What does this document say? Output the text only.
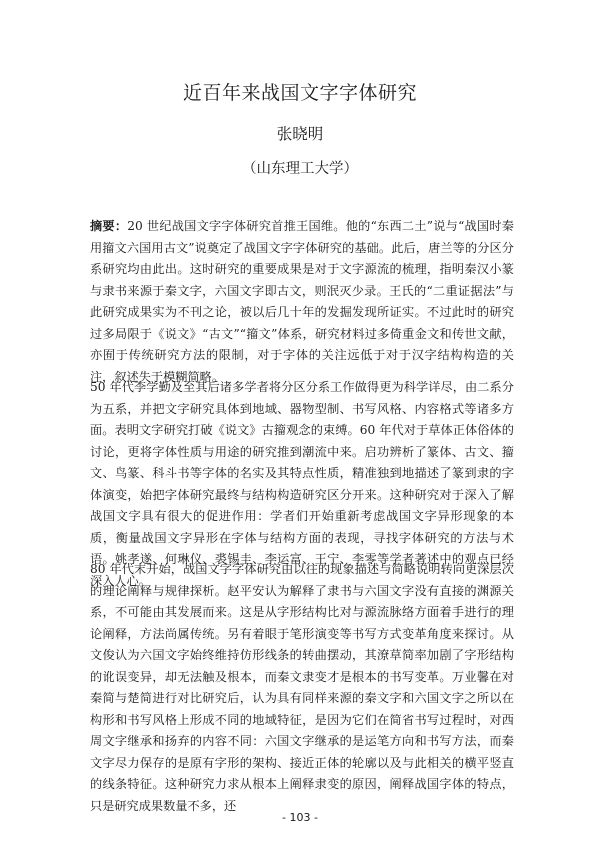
近百年来战国文字字体研究
张晓明
（山东理工大学）

摘要：20 世纪战国文字字体研究首推王国维。他的“东西二土”说与“战国时秦用籀文六国用古文”说奠定了战国文字字体研究的基础。此后，唐兰等的分区分系研究均由此出。这时研究的重要成果是对于文字源流的梳理，指明秦汉小篆与隶书来源于秦文字，六国文字即古文，则泯灭少录。王氏的“二重证据法”与此研究成果实为不刊之论，被以后几十年的发掘发现所证实。不过此时的研究过多局限于《说文》“古文”“籀文”体系，研究材料过多倚重金文和传世文献，亦囿于传统研究方法的限制，对于字体的关注远低于对于汉字结构构造的关注，叙述失于模糊简略。

50 年代李学勤及至其后诸多学者将分区分系工作做得更为科学详尽，由二系分为五系，并把文字研究具体到地域、器物型制、书写风格、内容格式等诸多方面。表明文字研究打破《说文》古籀观念的束缚。60 年代对于草体正体俗体的讨论，更将字体性质与用途的研究推到潮流中来。启功辨析了篆体、古文、籀文、鸟篆、科斗书等字体的名实及其特点性质，精准独到地描述了篆到隶的字体演变，始把字体研究最终与结构构造研究区分开来。这种研究对于深入了解战国文字具有很大的促进作用：学者们开始重新考虑战国文字异形现象的本质，衡量战国文字异形在字体与结构方面的表现，寻找字体研究的方法与术语。姚孝遂、何琳仪、裘锡圭、李运富、王宁、李零等学者著述中的观点已经深入人心。

80 年代末开始，战国文字字体研究由以往的现象描述与简略说明转向更深层次的理论阐释与规律探析。赵平安认为解释了隶书与六国文字没有直接的渊源关系，不可能由其发展而来。这是从字形结构比对与源流脉络方面着手进行的理论阐释，方法尚属传统。另有着眼于笔形演变等书写方式变革角度来探讨。从文俊认为六国文字始终维持仿形线条的转曲摆动，其潦草简率加剧了字形结构的讹误变异，却无法触及根本，而秦文隶变才是根本的书写变革。万业馨在对秦简与楚简进行对比研究后，认为具有同样来源的秦文字和六国文字之所以在构形和书写风格上形成不同的地域特征，是因为它们在简省书写过程时，对西周文字继承和扬弃的内容不同：六国文字继承的是运笔方向和书写方法，而秦文字尽力保存的是原有字形的架构、接近正体的轮廓以及与此相关的横平竖直的线条特征。这种研究力求从根本上阐释隶变的原因，阐释战国字体的特点，只是研究成果数量不多，还

- 103 -
